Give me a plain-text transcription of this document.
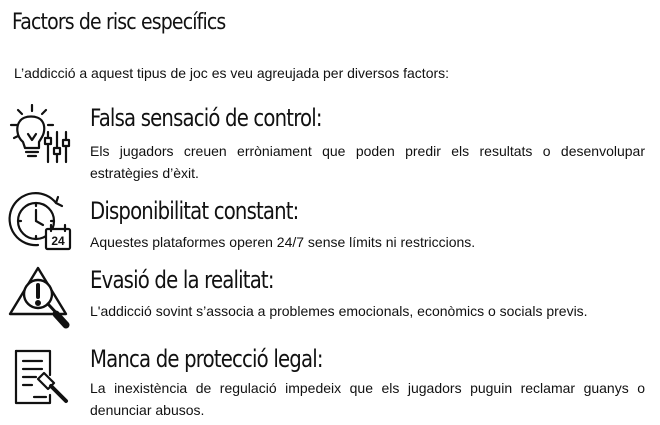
Factors de risc específics
L’addicció a aquest tipus de joc es veu agreujada per diversos factors:
Falsa sensació de control:
Els jugadors creuen erròniament que poden predir els resultats o desenvolupar estratègies d’èxit.
24
Disponibilitat constant:
Aquestes plataformes operen 24/7 sense límits ni restriccions.
Evasió de la realitat:
L'addicció sovint s’associa a problemes emocionals, econòmics o socials previs.
Manca de protecció legal:
La inexistència de regulació impedeix que els jugadors puguin reclamar guanys o denunciar abusos.
